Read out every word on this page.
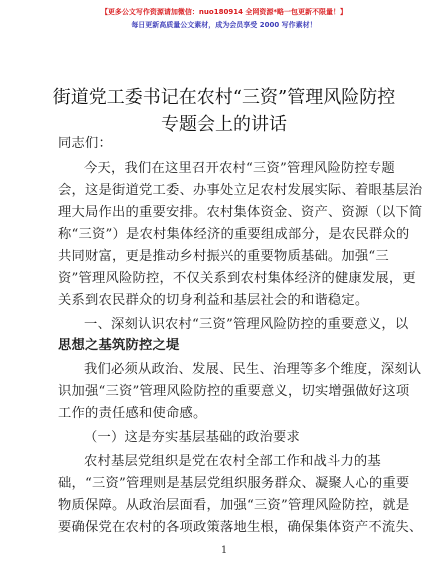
【更多公文写作资源请加微信：nuo180914 全网资源*略一包更新不限量！】
每日更新高质量公文素材，成为会员享受 2000 写作素材！
街道党工委书记在农村“三资”管理风险防控
专题会上的讲话
同志们：
今天，我们在这里召开农村“三资”管理风险防控专题
会，这是街道党工委、办事处立足农村发展实际、着眼基层治
理大局作出的重要安排。农村集体资金、资产、资源（以下简
称“三资”）是农村集体经济的重要组成部分，是农民群众的
共同财富，更是推动乡村振兴的重要物质基础。加强“三
资”管理风险防控，不仅关系到农村集体经济的健康发展，更
关系到农民群众的切身利益和基层社会的和谐稳定。
一、深刻认识农村“三资”管理风险防控的重要意义，以
思想之基筑防控之堤
我们必须从政治、发展、民生、治理等多个维度，深刻认
识加强“三资”管理风险防控的重要意义，切实增强做好这项
工作的责任感和使命感。
（一）这是夯实基层基础的政治要求
农村基层党组织是党在农村全部工作和战斗力的基
础，“三资”管理则是基层党组织服务群众、凝聚人心的重要
物质保障。从政治层面看，加强“三资”管理风险防控，就是
要确保党在农村的各项政策落地生根，确保集体资产不流失、
1
